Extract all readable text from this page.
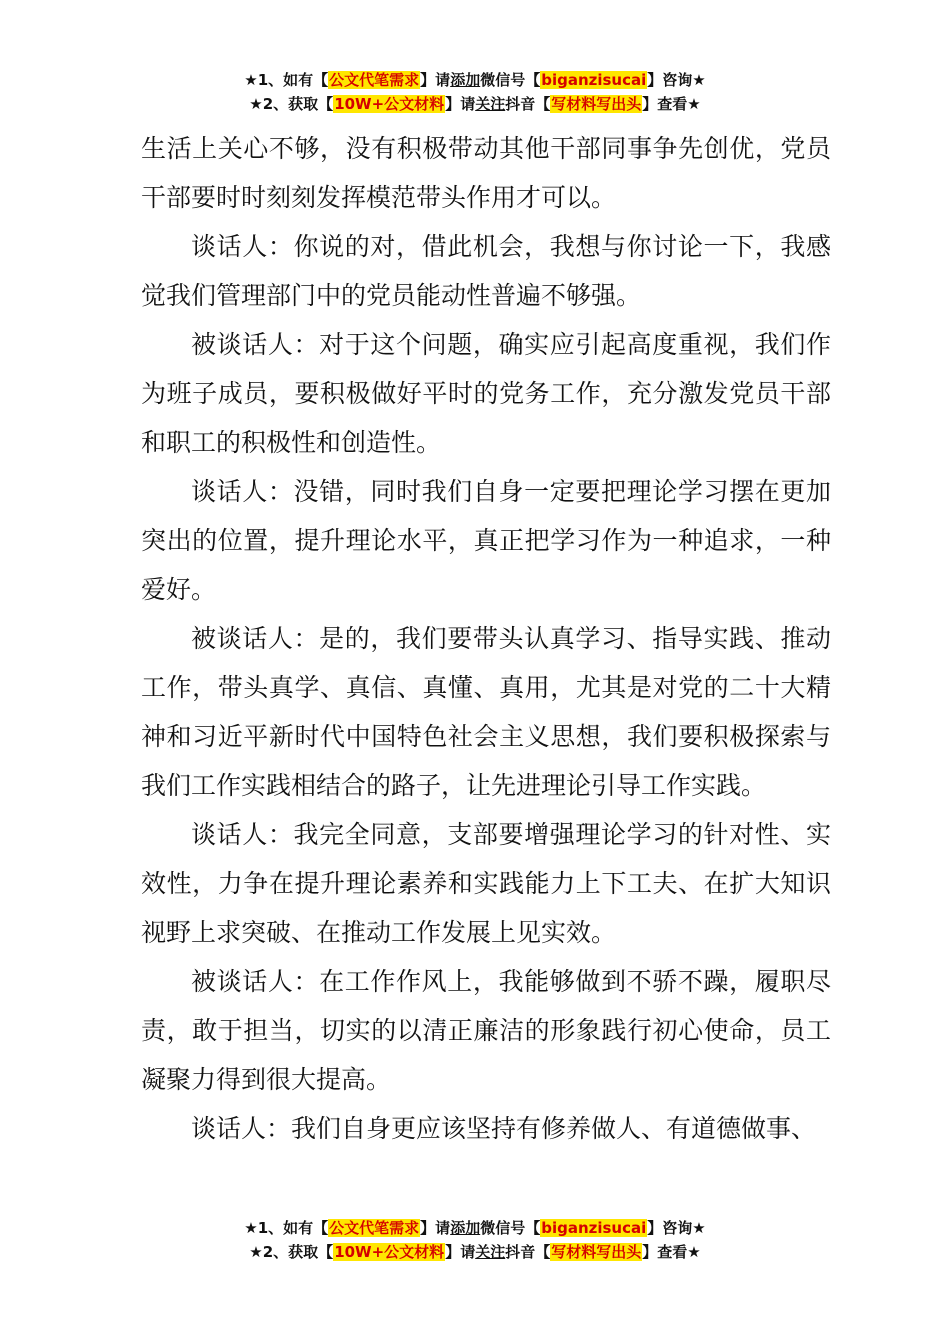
★1、如有【公文代笔需求】请添加微信号【biganzisucai】咨询★
★2、获取【10W+公文材料】请关注抖音【写材料写出头】查看★

生活上关心不够，没有积极带动其他干部同事争先创优，党员干部要时时刻刻发挥模范带头作用才可以。

谈话人：你说的对，借此机会，我想与你讨论一下，我感觉我们管理部门中的党员能动性普遍不够强。

被谈话人：对于这个问题，确实应引起高度重视，我们作为班子成员，要积极做好平时的党务工作，充分激发党员干部和职工的积极性和创造性。

谈话人：没错，同时我们自身一定要把理论学习摆在更加突出的位置，提升理论水平，真正把学习作为一种追求，一种爱好。

被谈话人：是的，我们要带头认真学习、指导实践、推动工作，带头真学、真信、真懂、真用，尤其是对党的二十大精神和习近平新时代中国特色社会主义思想，我们要积极探索与我们工作实践相结合的路子，让先进理论引导工作实践。

谈话人：我完全同意，支部要增强理论学习的针对性、实效性，力争在提升理论素养和实践能力上下工夫、在扩大知识视野上求突破、在推动工作发展上见实效。

被谈话人：在工作作风上，我能够做到不骄不躁，履职尽责，敢于担当，切实的以清正廉洁的形象践行初心使命，员工凝聚力得到很大提高。

谈话人：我们自身更应该坚持有修养做人、有道德做事、

★1、如有【公文代笔需求】请添加微信号【biganzisucai】咨询★
★2、获取【10W+公文材料】请关注抖音【写材料写出头】查看★
